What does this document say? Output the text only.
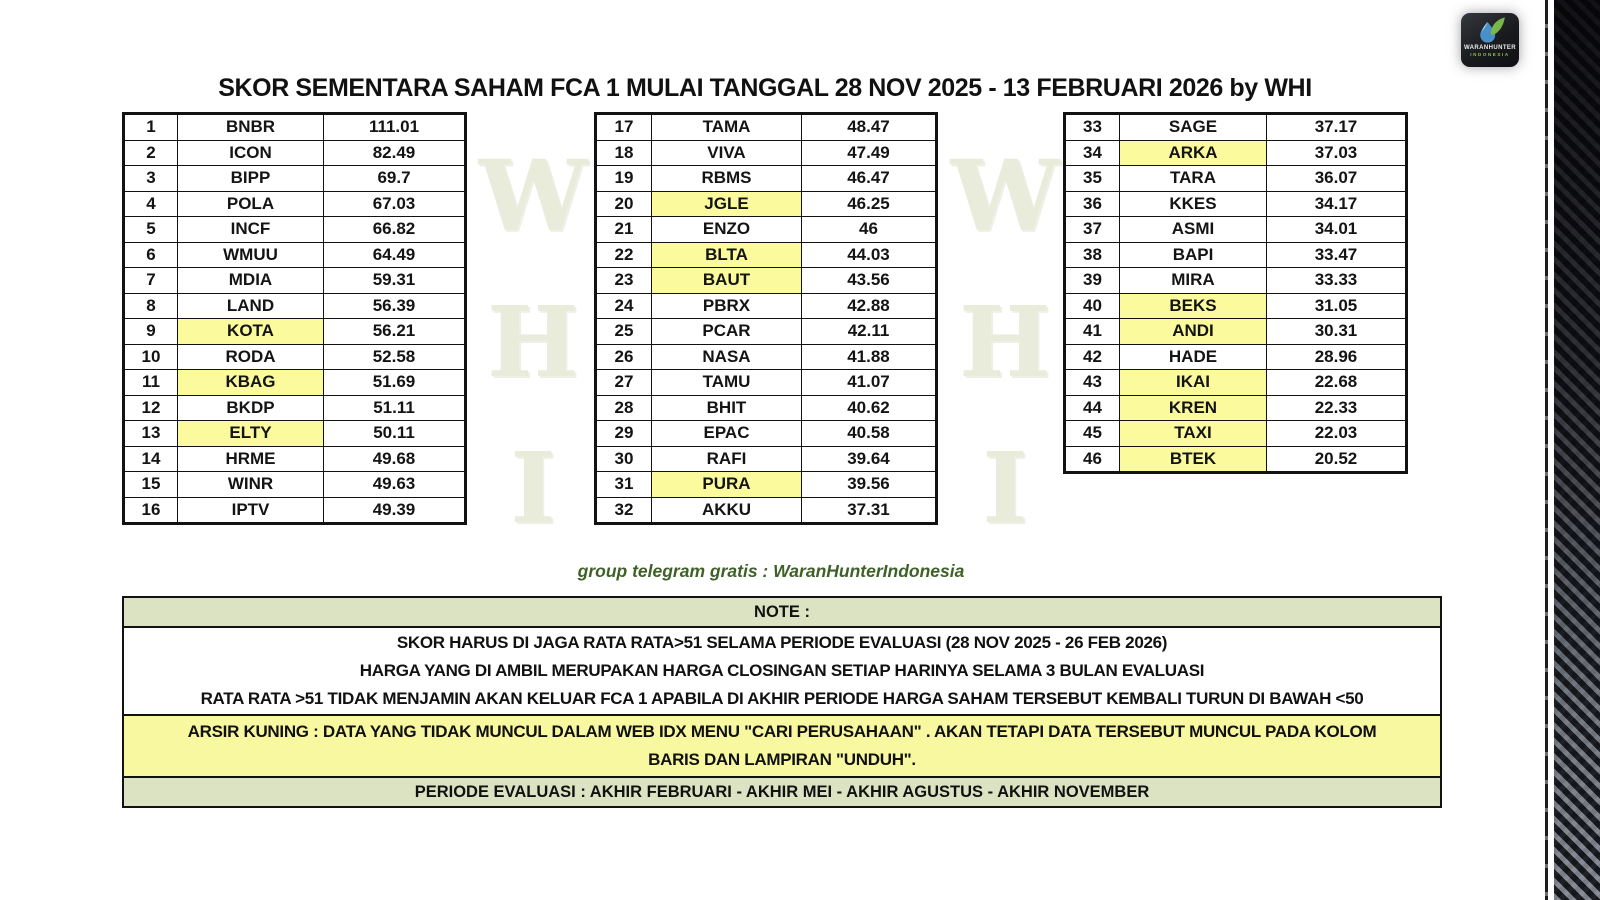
WARANHUNTER
INDONESIA
SKOR SEMENTARA SAHAM FCA 1 MULAI TANGGAL 28 NOV 2025 - 13 FEBRUARI 2026 by WHI
W
H
I
W
H
I
1	BNBR	111.01
2	ICON	82.49
3	BIPP	69.7
4	POLA	67.03
5	INCF	66.82
6	WMUU	64.49
7	MDIA	59.31
8	LAND	56.39
9	KOTA	56.21
10	RODA	52.58
11	KBAG	51.69
12	BKDP	51.11
13	ELTY	50.11
14	HRME	49.68
15	WINR	49.63
16	IPTV	49.39
17	TAMA	48.47
18	VIVA	47.49
19	RBMS	46.47
20	JGLE	46.25
21	ENZO	46
22	BLTA	44.03
23	BAUT	43.56
24	PBRX	42.88
25	PCAR	42.11
26	NASA	41.88
27	TAMU	41.07
28	BHIT	40.62
29	EPAC	40.58
30	RAFI	39.64
31	PURA	39.56
32	AKKU	37.31
33	SAGE	37.17
34	ARKA	37.03
35	TARA	36.07
36	KKES	34.17
37	ASMI	34.01
38	BAPI	33.47
39	MIRA	33.33
40	BEKS	31.05
41	ANDI	30.31
42	HADE	28.96
43	IKAI	22.68
44	KREN	22.33
45	TAXI	22.03
46	BTEK	20.52
group telegram gratis : WaranHunterIndonesia
NOTE :
SKOR HARUS DI JAGA RATA RATA>51 SELAMA PERIODE EVALUASI (28 NOV 2025 - 26 FEB 2026)
HARGA YANG DI AMBIL MERUPAKAN HARGA CLOSINGAN SETIAP HARINYA SELAMA 3 BULAN EVALUASI
RATA RATA >51 TIDAK MENJAMIN AKAN KELUAR FCA 1 APABILA DI AKHIR PERIODE HARGA SAHAM TERSEBUT KEMBALI TURUN DI BAWAH <50
ARSIR KUNING : DATA YANG TIDAK MUNCUL DALAM WEB IDX MENU "CARI PERUSAHAAN" . AKAN TETAPI DATA TERSEBUT MUNCUL PADA KOLOM
BARIS DAN LAMPIRAN "UNDUH".
PERIODE EVALUASI : AKHIR FEBRUARI - AKHIR MEI - AKHIR AGUSTUS - AKHIR NOVEMBER
